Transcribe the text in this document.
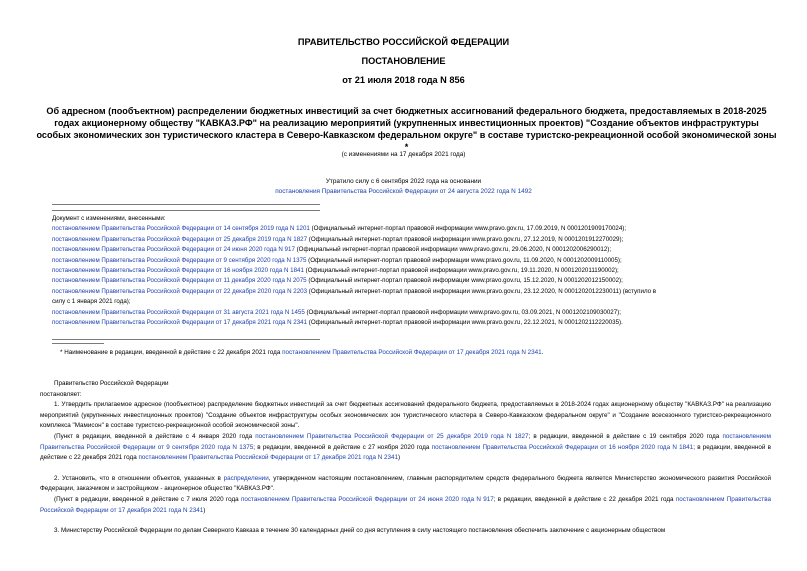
ПРАВИТЕЛЬСТВО РОССИЙСКОЙ ФЕДЕРАЦИИ
ПОСТАНОВЛЕНИЕ
от 21 июля 2018 года N 856
Об адресном (пообъектном) распределении бюджетных инвестиций за счет бюджетных ассигнований федерального бюджета, предоставляемых в 2018-2025 годах акционерному обществу "КАВКАЗ.РФ" на реализацию мероприятий (укрупненных инвестиционных проектов) "Создание объектов инфраструктуры особых экономических зон туристического кластера в Северо-Кавказском федеральном округе" в составе туристско-рекреационной особой экономической зоны *
(с изменениями на 17 декабря 2021 года)
Утратило силу с 6 сентября 2022 года на основании
постановления Правительства Российской Федерации от 24 августа 2022 года N 1492
Документ с изменениями, внесенными:
постановлением Правительства Российской Федерации от 14 сентября 2019 года N 1201 (Официальный интернет-портал правовой информации www.pravo.gov.ru, 17.09.2019, N 0001201909170024);
постановлением Правительства Российской Федерации от 25 декабря 2019 года N 1827 (Официальный интернет-портал правовой информации www.pravo.gov.ru, 27.12.2019, N 0001201912270029);
постановлением Правительства Российской Федерации от 24 июня 2020 года N 917 (Официальный интернет-портал правовой информации www.pravo.gov.ru, 29.06.2020, N 0001202006290012);
постановлением Правительства Российской Федерации от 9 сентября 2020 года N 1375 (Официальный интернет-портал правовой информации www.pravo.gov.ru, 11.09.2020, N 0001202009110005);
постановлением Правительства Российской Федерации от 16 ноября 2020 года N 1841 (Официальный интернет-портал правовой информации www.pravo.gov.ru, 19.11.2020, N 0001202011190002);
постановлением Правительства Российской Федерации от 11 декабря 2020 года N 2075 (Официальный интернет-портал правовой информации www.pravo.gov.ru, 15.12.2020, N 0001202012150002);
постановлением Правительства Российской Федерации от 22 декабря 2020 года N 2203 (Официальный интернет-портал правовой информации www.pravo.gov.ru, 23.12.2020, N 0001202012230011) (вступило в
силу с 1 января 2021 года);
постановлением Правительства Российской Федерации от 31 августа 2021 года N 1455 (Официальный интернет-портал правовой информации www.pravo.gov.ru, 03.09.2021, N 0001202109030027);
постановлением Правительства Российской Федерации от 17 декабря 2021 года N 2341 (Официальный интернет-портал правовой информации www.pravo.gov.ru, 22.12.2021, N 0001202112220035).
* Наименование в редакции, введенной в действие с 22 декабря 2021 года постановлением Правительства Российской Федерации от 17 декабря 2021 года N 2341.

Правительство Российской Федерации

постановляет:

1. Утвердить прилагаемое адресное (пообъектное) распределение бюджетных инвестиций за счет бюджетных ассигнований федерального бюджета, предоставляемых в 2018-2024 годах акционерному обществу "КАВКАЗ.РФ" на реализацию мероприятий (укрупненных инвестиционных проектов) "Создание объектов инфраструктуры особых экономических зон туристического кластера в Северо-Кавказском федеральном округе" и "Создание всесезонного туристско-рекреационного комплекса "Мамисон" в составе туристско-рекреационной особой экономической зоны".

(Пункт в редакции, введенной в действие с 4 января 2020 года постановлением Правительства Российской Федерации от 25 декабря 2019 года N 1827; в редакции, введенной в действие с 19 сентября 2020 года постановлением Правительства Российской Федерации от 9 сентября 2020 года N 1375; в редакции, введенной в действие с 27 ноября 2020 года постановлением Правительства Российской Федерации от 16 ноября 2020 года N 1841; в редакции, введенной в действие с 22 декабря 2021 года постановлением Правительства Российской Федерации от 17 декабря 2021 года N 2341)

2. Установить, что в отношении объектов, указанных в распределении, утвержденном настоящим постановлением, главным распорядителем средств федерального бюджета является Министерство экономического развития Российской Федерации, заказчиком и застройщиком - акционерное общество "КАВКАЗ.РФ".

(Пункт в редакции, введенной в действие с 7 июля 2020 года постановлением Правительства Российской Федерации от 24 июня 2020 года N 917; в редакции, введенной в действие с 22 декабря 2021 года постановлением Правительства Российской Федерации от 17 декабря 2021 года N 2341)

3. Министерству Российской Федерации по делам Северного Кавказа в течение 30 календарных дней со дня вступления в силу настоящего постановления обеспечить заключение с акционерным обществом
